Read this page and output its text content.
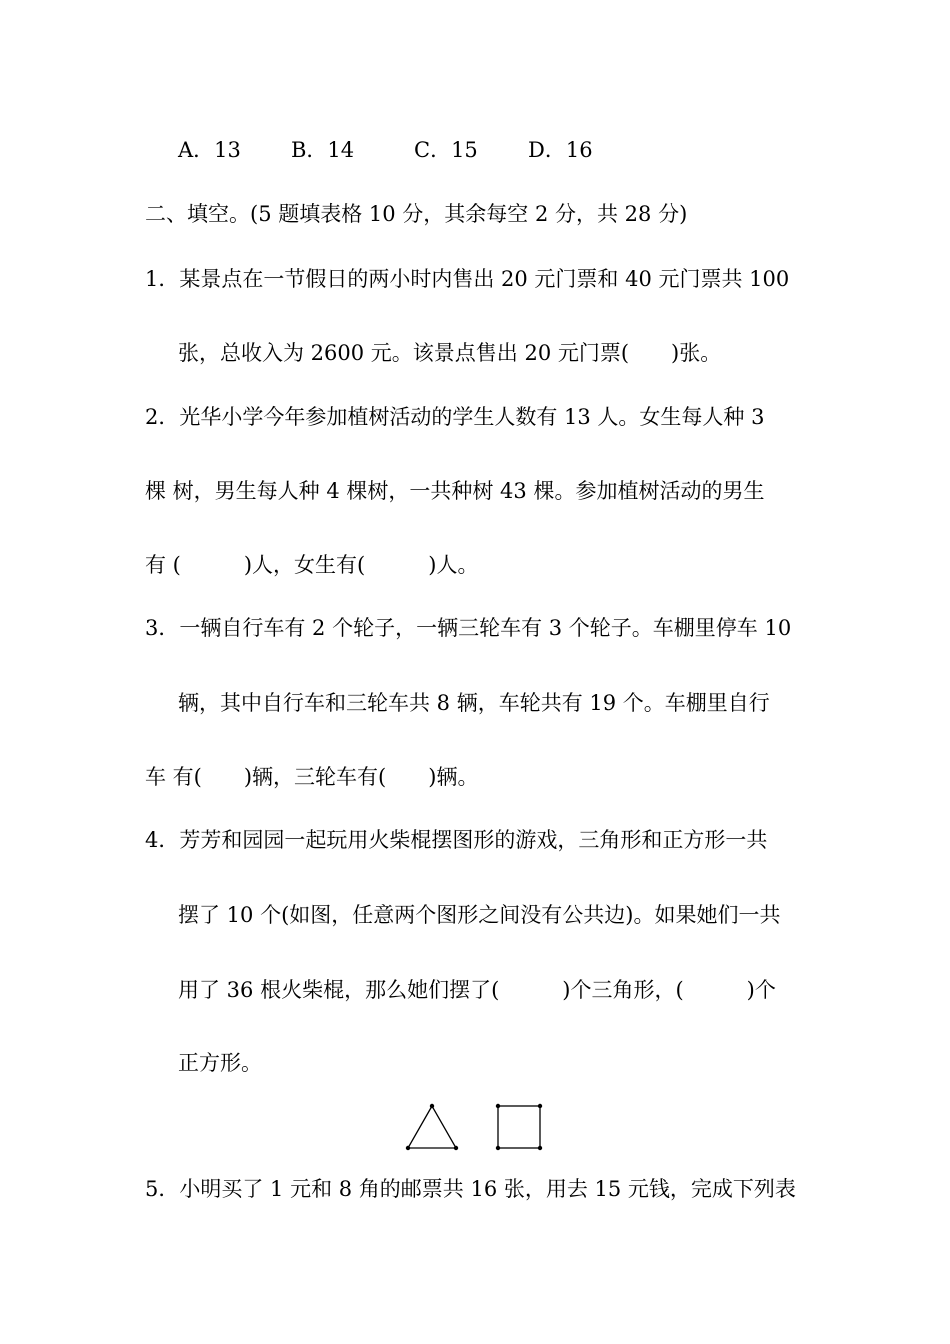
A．13 B．14	C．15 D．16
二、填空。(5 题填表格 10 分，其余每空 2 分，共 28 分)
1．某景点在一节假日的两小时内售出 20 元门票和 40 元门票共 100
张，总收入为 2600 元。该景点售出 20 元门票(　　)张。
2．光华小学今年参加植树活动的学生人数有 13 人。女生每人种 3
棵 树，男生每人种 4 棵树，一共种树 43 棵。参加植树活动的男生
有 (　　　)人，女生有(　　　)人。
3．一辆自行车有 2 个轮子，一辆三轮车有 3 个轮子。车棚里停车 10
辆，其中自行车和三轮车共 8 辆，车轮共有 19 个。车棚里自行
车 有(　　)辆，三轮车有(　　)辆。
4．芳芳和园园一起玩用火柴棍摆图形的游戏，三角形和正方形一共
摆了 10 个(如图，任意两个图形之间没有公共边)。如果她们一共
用了 36 根火柴棍，那么她们摆了(　　　)个三角形，(　　　)个
正方形。
5．小明买了 1 元和 8 角的邮票共 16 张，用去 15 元钱，完成下列表
